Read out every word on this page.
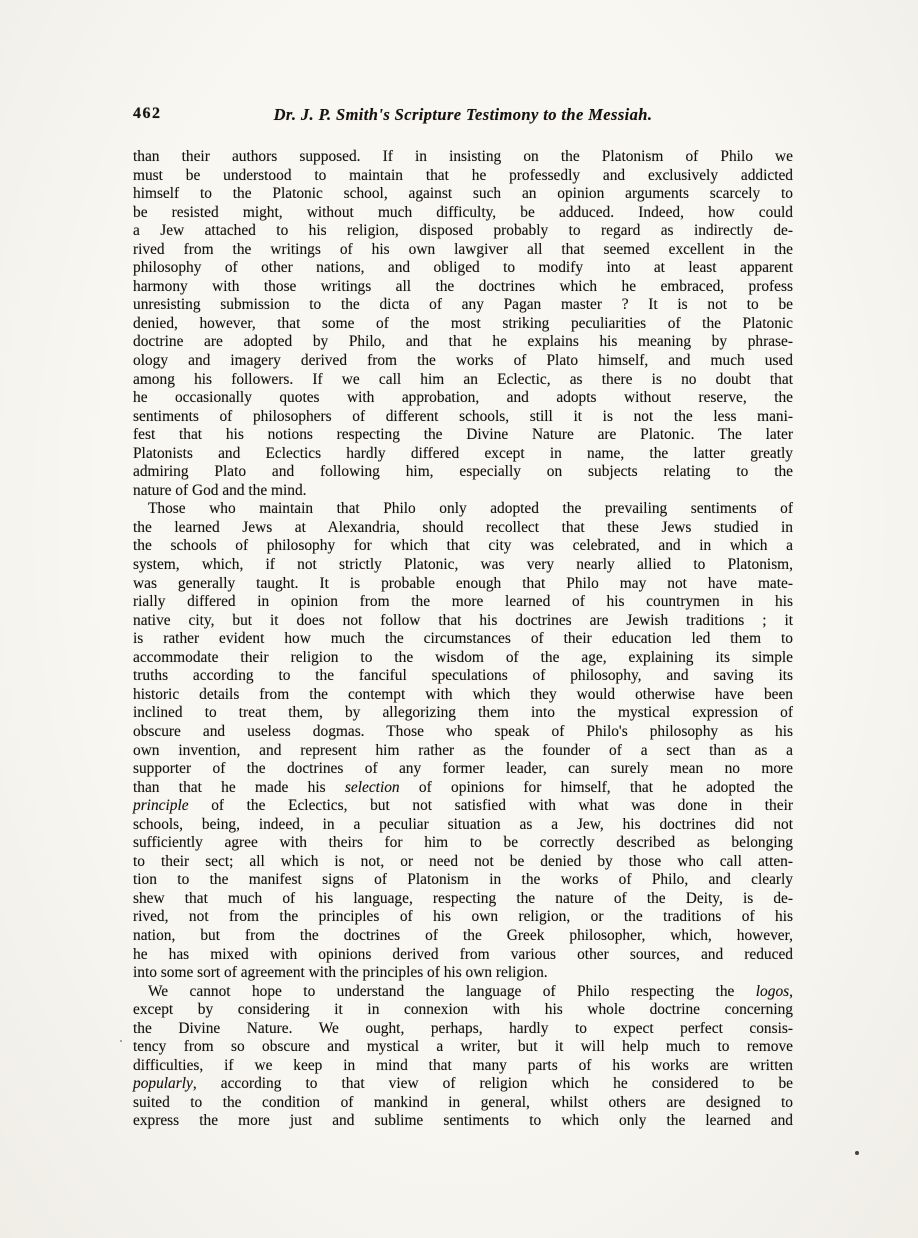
462	Dr. J. P. Smith's Scripture Testimony to the Messiah.
than their authors supposed. If in insisting on the Platonism of Philo we
must be understood to maintain that he professedly and exclusively addicted
himself to the Platonic school, against such an opinion arguments scarcely to
be resisted might, without much difficulty, be adduced. Indeed, how could
a Jew attached to his religion, disposed probably to regard as indirectly de-
rived from the writings of his own lawgiver all that seemed excellent in the
philosophy of other nations, and obliged to modify into at least apparent
harmony with those writings all the doctrines which he embraced, profess
unresisting submission to the dicta of any Pagan master ? It is not to be
denied, however, that some of the most striking peculiarities of the Platonic
doctrine are adopted by Philo, and that he explains his meaning by phrase-
ology and imagery derived from the works of Plato himself, and much used
among his followers. If we call him an Eclectic, as there is no doubt that
he occasionally quotes with approbation, and adopts without reserve, the
sentiments of philosophers of different schools, still it is not the less mani-
fest that his notions respecting the Divine Nature are Platonic. The later
Platonists and Eclectics hardly differed except in name, the latter greatly
admiring Plato and following him, especially on subjects relating to the
nature of God and the mind.
Those who maintain that Philo only adopted the prevailing sentiments of
the learned Jews at Alexandria, should recollect that these Jews studied in
the schools of philosophy for which that city was celebrated, and in which a
system, which, if not strictly Platonic, was very nearly allied to Platonism,
was generally taught. It is probable enough that Philo may not have mate-
rially differed in opinion from the more learned of his countrymen in his
native city, but it does not follow that his doctrines are Jewish traditions ; it
is rather evident how much the circumstances of their education led them to
accommodate their religion to the wisdom of the age, explaining its simple
truths according to the fanciful speculations of philosophy, and saving its
historic details from the contempt with which they would otherwise have been
inclined to treat them, by allegorizing them into the mystical expression of
obscure and useless dogmas. Those who speak of Philo's philosophy as his
own invention, and represent him rather as the founder of a sect than as a
supporter of the doctrines of any former leader, can surely mean no more
than that he made his selection of opinions for himself, that he adopted the
principle of the Eclectics, but not satisfied with what was done in their
schools, being, indeed, in a peculiar situation as a Jew, his doctrines did not
sufficiently agree with theirs for him to be correctly described as belonging
to their sect; all which is not, or need not be denied by those who call atten-
tion to the manifest signs of Platonism in the works of Philo, and clearly
shew that much of his language, respecting the nature of the Deity, is de-
rived, not from the principles of his own religion, or the traditions of his
nation, but from the doctrines of the Greek philosopher, which, however,
he has mixed with opinions derived from various other sources, and reduced
into some sort of agreement with the principles of his own religion.
We cannot hope to understand the language of Philo respecting the logos,
except by considering it in connexion with his whole doctrine concerning
the Divine Nature. We ought, perhaps, hardly to expect perfect consis-
tency from so obscure and mystical a writer, but it will help much to remove
difficulties, if we keep in mind that many parts of his works are written
popularly, according to that view of religion which he considered to be
suited to the condition of mankind in general, whilst others are designed to
express the more just and sublime sentiments to which only the learned and
